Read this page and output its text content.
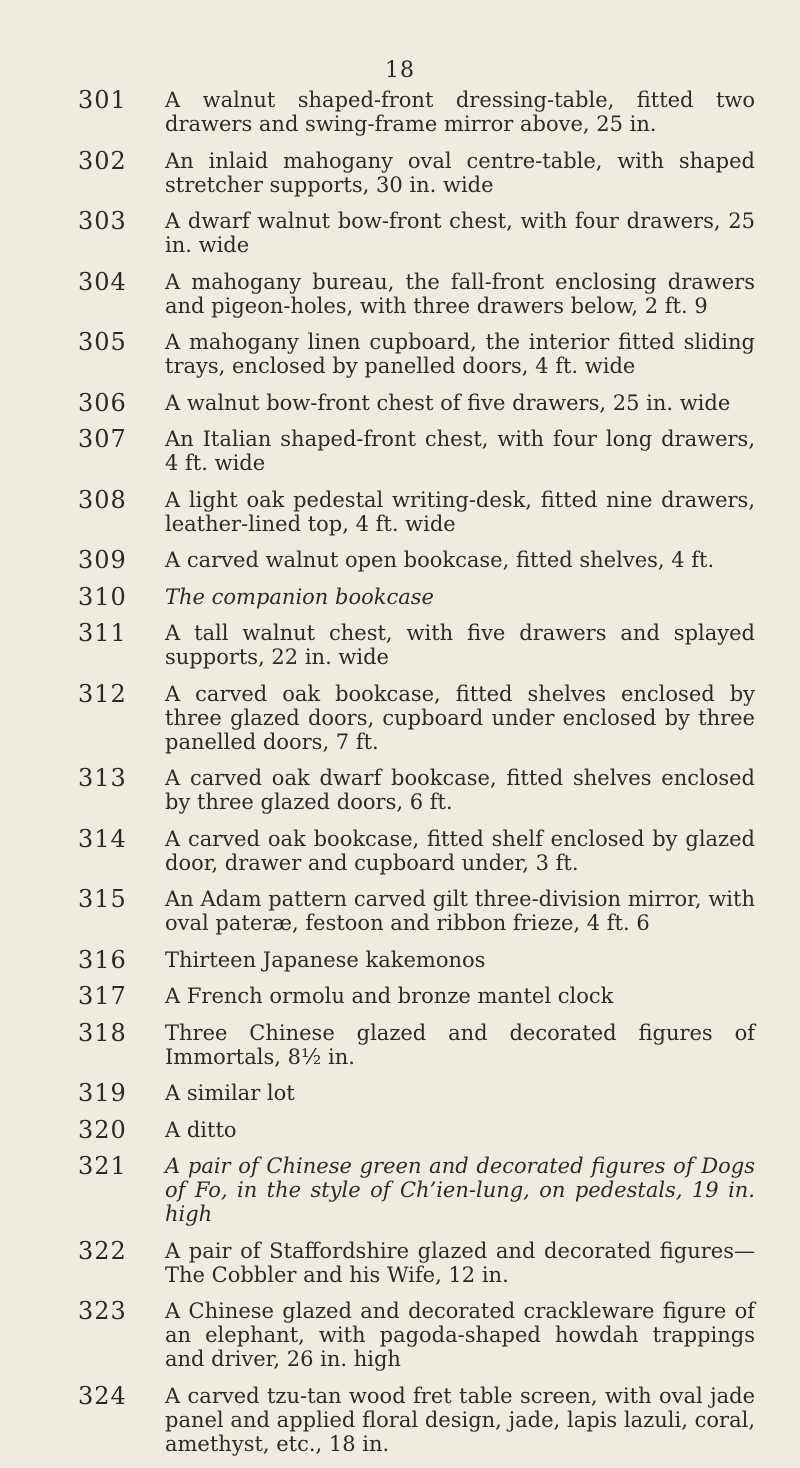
18
301 A walnut shaped-front dressing-table, fitted two drawers and swing-frame mirror above, 25 in.
302 An inlaid mahogany oval centre-table, with shaped stretcher supports, 30 in. wide
303 A dwarf walnut bow-front chest, with four drawers, 25 in. wide
304 A mahogany bureau, the fall-front enclosing drawers and pigeon-holes, with three drawers below, 2 ft. 9
305 A mahogany linen cupboard, the interior fitted sliding trays, enclosed by panelled doors, 4 ft. wide
306 A walnut bow-front chest of five drawers, 25 in. wide
307 An Italian shaped-front chest, with four long drawers, 4 ft. wide
308 A light oak pedestal writing-desk, fitted nine drawers, leather-lined top, 4 ft. wide
309 A carved walnut open bookcase, fitted shelves, 4 ft.
310 The companion bookcase
311 A tall walnut chest, with five drawers and splayed supports, 22 in. wide
312 A carved oak bookcase, fitted shelves enclosed by three glazed doors, cupboard under enclosed by three panelled doors, 7 ft.
313 A carved oak dwarf bookcase, fitted shelves enclosed by three glazed doors, 6 ft.
314 A carved oak bookcase, fitted shelf enclosed by glazed door, drawer and cupboard under, 3 ft.
315 An Adam pattern carved gilt three-division mirror, with oval pateræ, festoon and ribbon frieze, 4 ft. 6
316 Thirteen Japanese kakemonos
317 A French ormolu and bronze mantel clock
318 Three Chinese glazed and decorated figures of Immortals, 8½ in.
319 A similar lot
320 A ditto
321 A pair of Chinese green and decorated figures of Dogs of Fo, in the style of Ch’ien-lung, on pedestals, 19 in. high
322 A pair of Staffordshire glazed and decorated figures—The Cobbler and his Wife, 12 in.
323 A Chinese glazed and decorated crackleware figure of an elephant, with pagoda-shaped howdah trappings and driver, 26 in. high
324 A carved tzu-tan wood fret table screen, with oval jade panel and applied floral design, jade, lapis lazuli, coral, amethyst, etc., 18 in.
